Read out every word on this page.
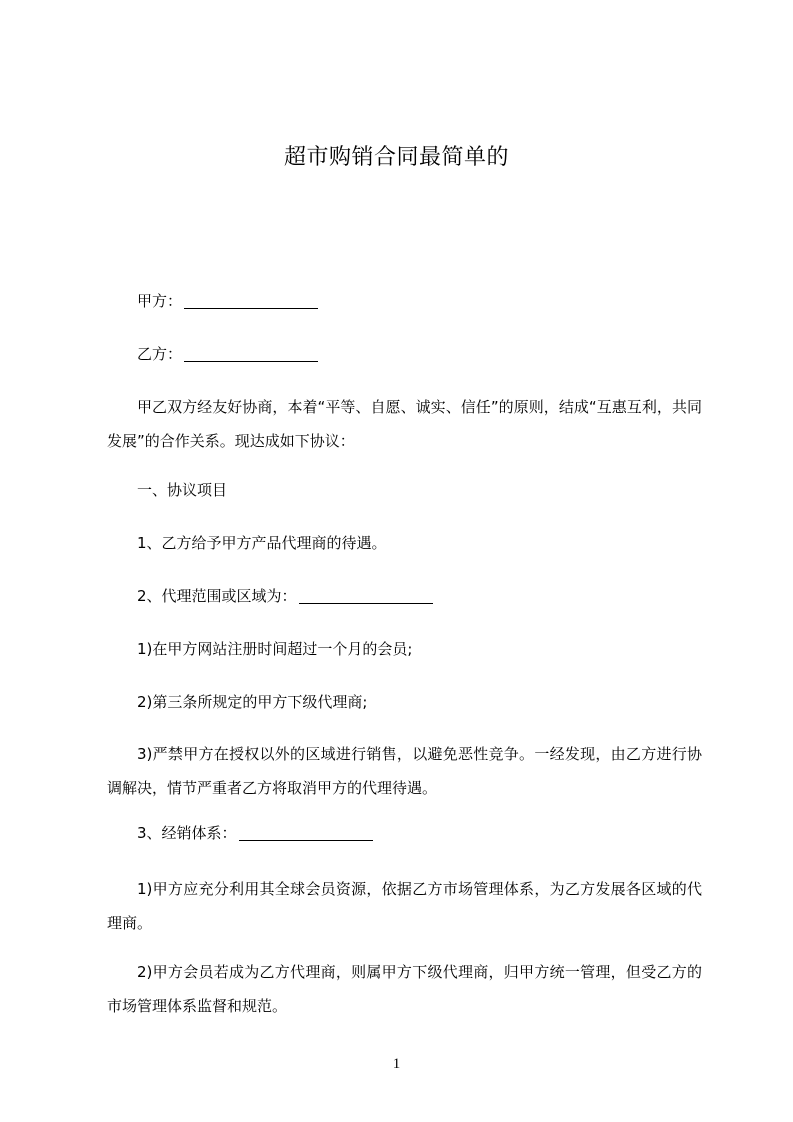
超市购销合同最简单的
甲方：
乙方：
甲乙双方经友好协商，本着“平等、自愿、诚实、信任”的原则，结成“互惠互利，共同发展”的合作关系。现达成如下协议：
一、协议项目
1、乙方给予甲方产品代理商的待遇。
2、代理范围或区域为：
1)在甲方网站注册时间超过一个月的会员;
2)第三条所规定的甲方下级代理商;
3)严禁甲方在授权以外的区域进行销售，以避免恶性竞争。一经发现，由乙方进行协调解决，情节严重者乙方将取消甲方的代理待遇。
3、经销体系：
1)甲方应充分利用其全球会员资源，依据乙方市场管理体系，为乙方发展各区域的代理商。
2)甲方会员若成为乙方代理商，则属甲方下级代理商，归甲方统一管理，但受乙方的市场管理体系监督和规范。
1
